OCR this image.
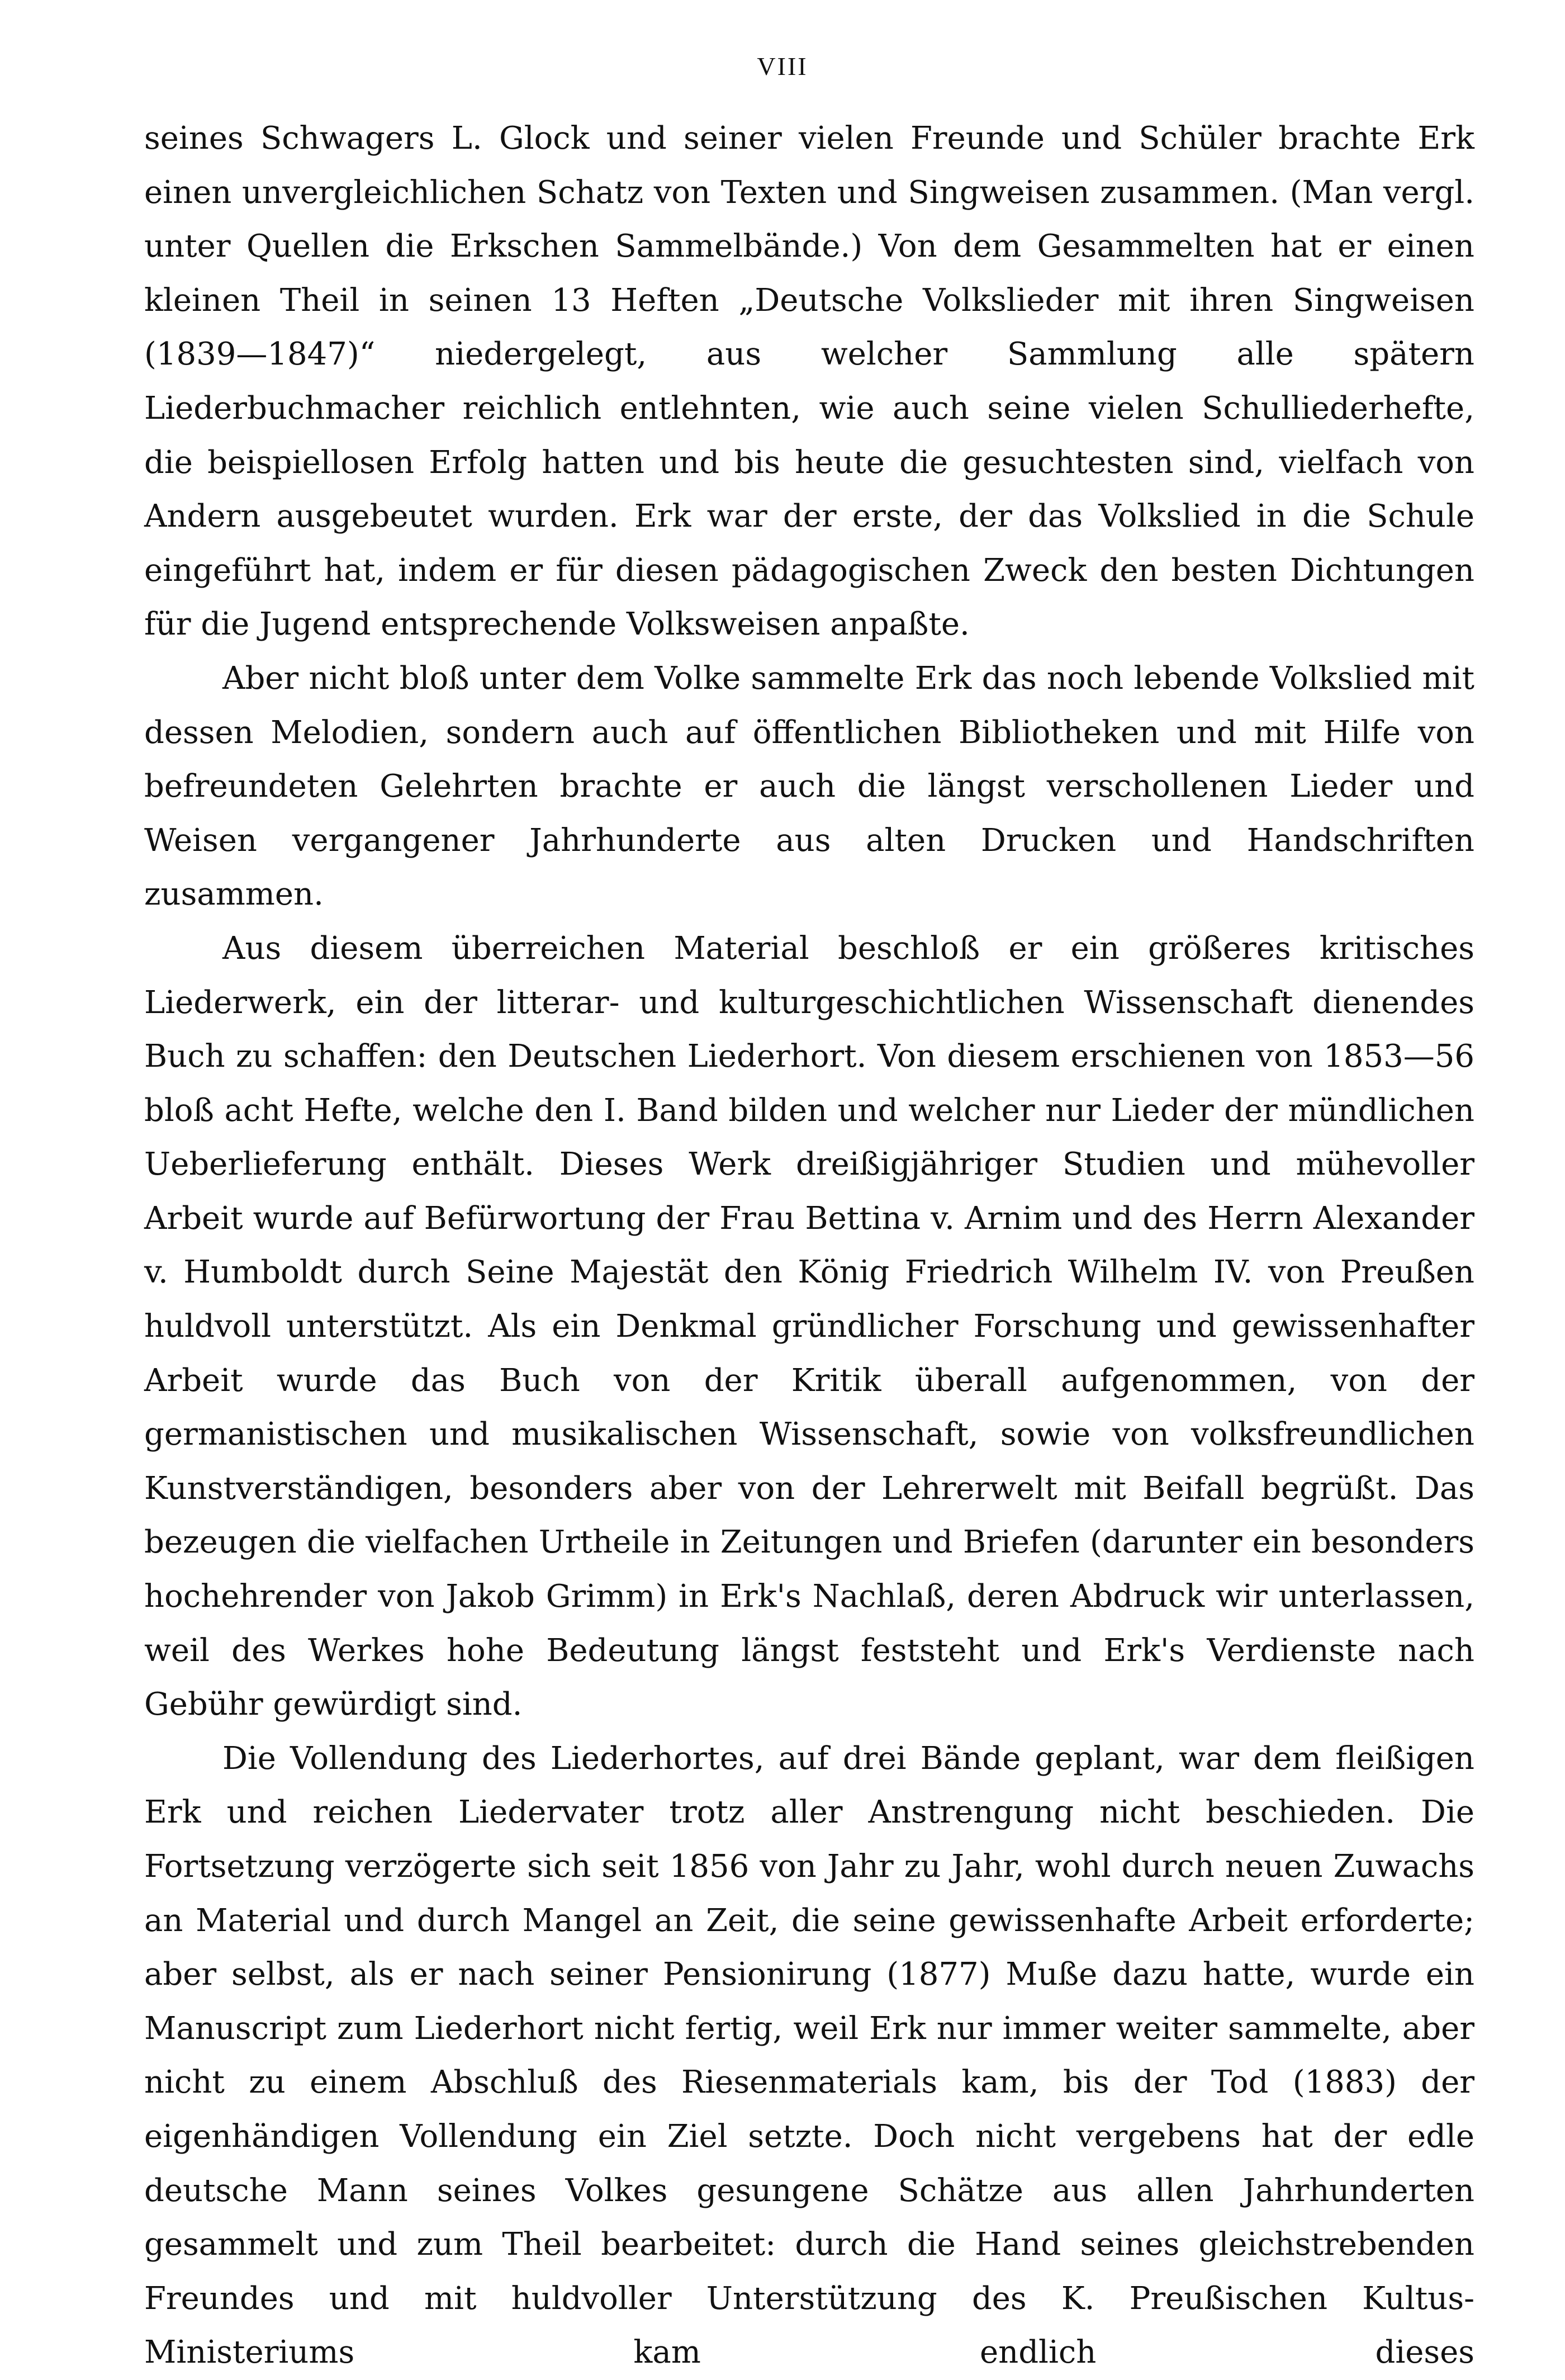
VIII

seines Schwagers L. Glock und seiner vielen Freunde und Schüler brachte Erk einen unvergleichlichen Schatz von Texten und Singweisen zusammen. (Man vergl. unter Quellen die Erkschen Sammelbände.) Von dem Gesammelten hat er einen kleinen Theil in seinen 13 Heften „Deutsche Volkslieder mit ihren Singweisen (1839—1847)“ niedergelegt, aus welcher Sammlung alle spätern Liederbuchmacher reichlich entlehnten, wie auch seine vielen Schulliederhefte, die beispiellosen Erfolg hatten und bis heute die gesuchtesten sind, vielfach von Andern ausgebeutet wurden. Erk war der erste, der das Volkslied in die Schule eingeführt hat, indem er für diesen pädagogischen Zweck den besten Dichtungen für die Jugend entsprechende Volksweisen anpaßte.

Aber nicht bloß unter dem Volke sammelte Erk das noch lebende Volkslied mit dessen Melodien, sondern auch auf öffentlichen Bibliotheken und mit Hilfe von befreundeten Gelehrten brachte er auch die längst verschollenen Lieder und Weisen vergangener Jahrhunderte aus alten Drucken und Handschriften zusammen.

Aus diesem überreichen Material beschloß er ein größeres kritisches Liederwerk, ein der litterar- und kulturgeschichtlichen Wissenschaft dienendes Buch zu schaffen: den Deutschen Liederhort. Von diesem erschienen von 1853—56 bloß acht Hefte, welche den I. Band bilden und welcher nur Lieder der mündlichen Ueberlieferung enthält. Dieses Werk dreißigjähriger Studien und mühevoller Arbeit wurde auf Befürwortung der Frau Bettina v. Arnim und des Herrn Alexander v. Humboldt durch Seine Majestät den König Friedrich Wilhelm IV. von Preußen huldvoll unterstützt. Als ein Denkmal gründlicher Forschung und gewissenhafter Arbeit wurde das Buch von der Kritik überall aufgenommen, von der germanistischen und musikalischen Wissenschaft, sowie von volksfreundlichen Kunstverständigen, besonders aber von der Lehrerwelt mit Beifall begrüßt. Das bezeugen die vielfachen Urtheile in Zeitungen und Briefen (darunter ein besonders hochehrender von Jakob Grimm) in Erk's Nachlaß, deren Abdruck wir unterlassen, weil des Werkes hohe Bedeutung längst feststeht und Erk's Verdienste nach Gebühr gewürdigt sind.

Die Vollendung des Liederhortes, auf drei Bände geplant, war dem fleißigen Erk und reichen Liedervater trotz aller Anstrengung nicht beschieden. Die Fortsetzung verzögerte sich seit 1856 von Jahr zu Jahr, wohl durch neuen Zuwachs an Material und durch Mangel an Zeit, die seine gewissenhafte Arbeit erforderte; aber selbst, als er nach seiner Pensionirung (1877) Muße dazu hatte, wurde ein Manuscript zum Liederhort nicht fertig, weil Erk nur immer weiter sammelte, aber nicht zu einem Abschluß des Riesenmaterials kam, bis der Tod (1883) der eigenhändigen Vollendung ein Ziel setzte. Doch nicht vergebens hat der edle deutsche Mann seines Volkes gesungene Schätze aus allen Jahrhunderten gesammelt und zum Theil bearbeitet: durch die Hand seines gleichstrebenden Freundes und mit huldvoller Unterstützung des K. Preußischen Kultus-Ministeriums kam endlich dieses
